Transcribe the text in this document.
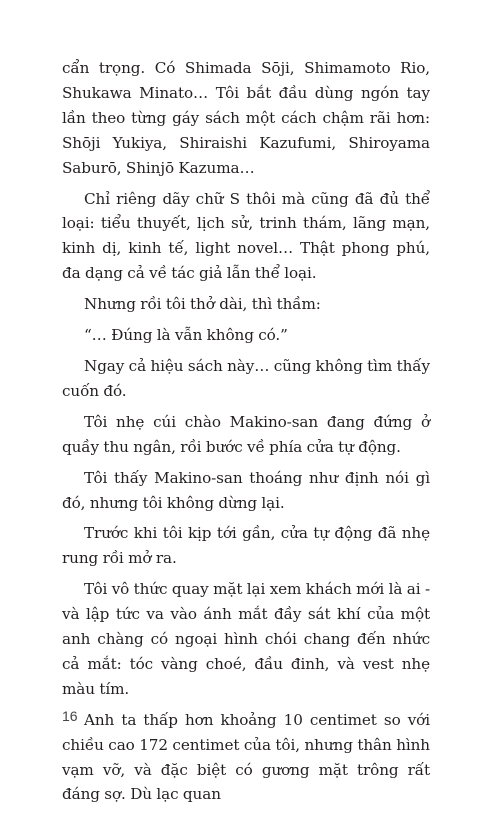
cẩn trọng. Có Shimada Sōji, Shimamoto Rio, Shukawa Minato… Tôi bắt đầu dùng ngón tay lần theo từng gáy sách một cách chậm rãi hơn: Shōji Yukiya, Shiraishi Kazufumi, Shiroyama Saburō, Shinjō Kazuma…

Chỉ riêng dãy chữ S thôi mà cũng đã đủ thể loại: tiểu thuyết, lịch sử, trinh thám, lãng mạn, kinh dị, kinh tế, light novel… Thật phong phú, đa dạng cả về tác giả lẫn thể loại.

Nhưng rồi tôi thở dài, thì thầm:

“… Đúng là vẫn không có.”

Ngay cả hiệu sách này… cũng không tìm thấy cuốn đó.

Tôi nhẹ cúi chào Makino-san đang đứng ở quầy thu ngân, rồi bước về phía cửa tự động.

Tôi thấy Makino-san thoáng như định nói gì đó, nhưng tôi không dừng lại.

Trước khi tôi kịp tới gần, cửa tự động đã nhẹ rung rồi mở ra.

Tôi vô thức quay mặt lại xem khách mới là ai - và lập tức va vào ánh mắt đầy sát khí của một anh chàng có ngoại hình chói chang đến nhức cả mắt: tóc vàng choé, đầu đinh, và vest nhẹ màu tím.

Anh ta thấp hơn khoảng 10 centimet so với chiều cao 172 centimet của tôi, nhưng thân hình vạm vỡ, và đặc biệt có gương mặt trông rất đáng sợ. Dù lạc quan

16
